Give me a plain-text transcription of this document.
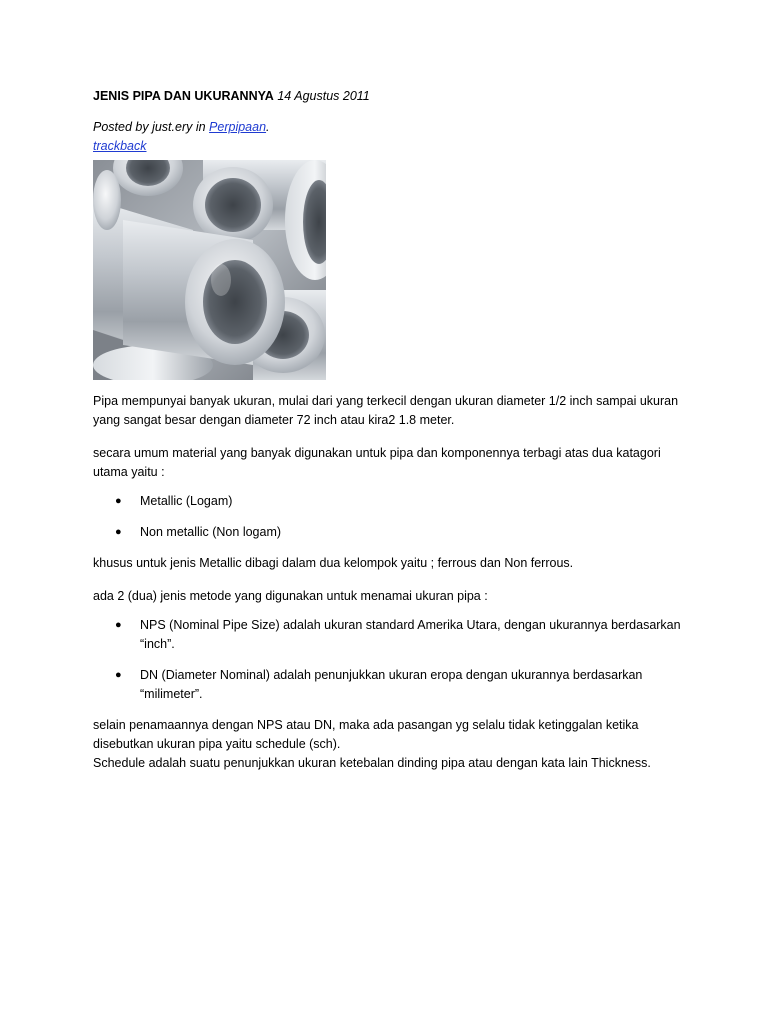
JENIS PIPA DAN UKURANNYA 14 Agustus 2011

Posted by just.ery in Perpipaan.
trackback

Pipa mempunyai banyak ukuran, mulai dari yang terkecil dengan ukuran diameter 1/2 inch sampai ukuran yang sangat besar dengan diameter 72 inch atau kira2 1.8 meter.

secara umum material yang banyak digunakan untuk pipa dan komponennya terbagi atas dua katagori utama yaitu :

● Metallic (Logam)
● Non metallic (Non logam)

khusus untuk jenis Metallic dibagi dalam dua kelompok yaitu ; ferrous dan Non ferrous.

ada 2 (dua) jenis metode yang digunakan untuk menamai ukuran pipa :

● NPS (Nominal Pipe Size) adalah ukuran standard Amerika Utara, dengan ukurannya berdasarkan “inch”.
● DN (Diameter Nominal) adalah penunjukkan ukuran eropa dengan ukurannya berdasarkan “milimeter”.

selain penamaannya dengan NPS atau DN, maka ada pasangan yg selalu tidak ketinggalan ketika disebutkan ukuran pipa yaitu schedule (sch).

Schedule adalah suatu penunjukkan ukuran ketebalan dinding pipa atau dengan kata lain Thickness.
